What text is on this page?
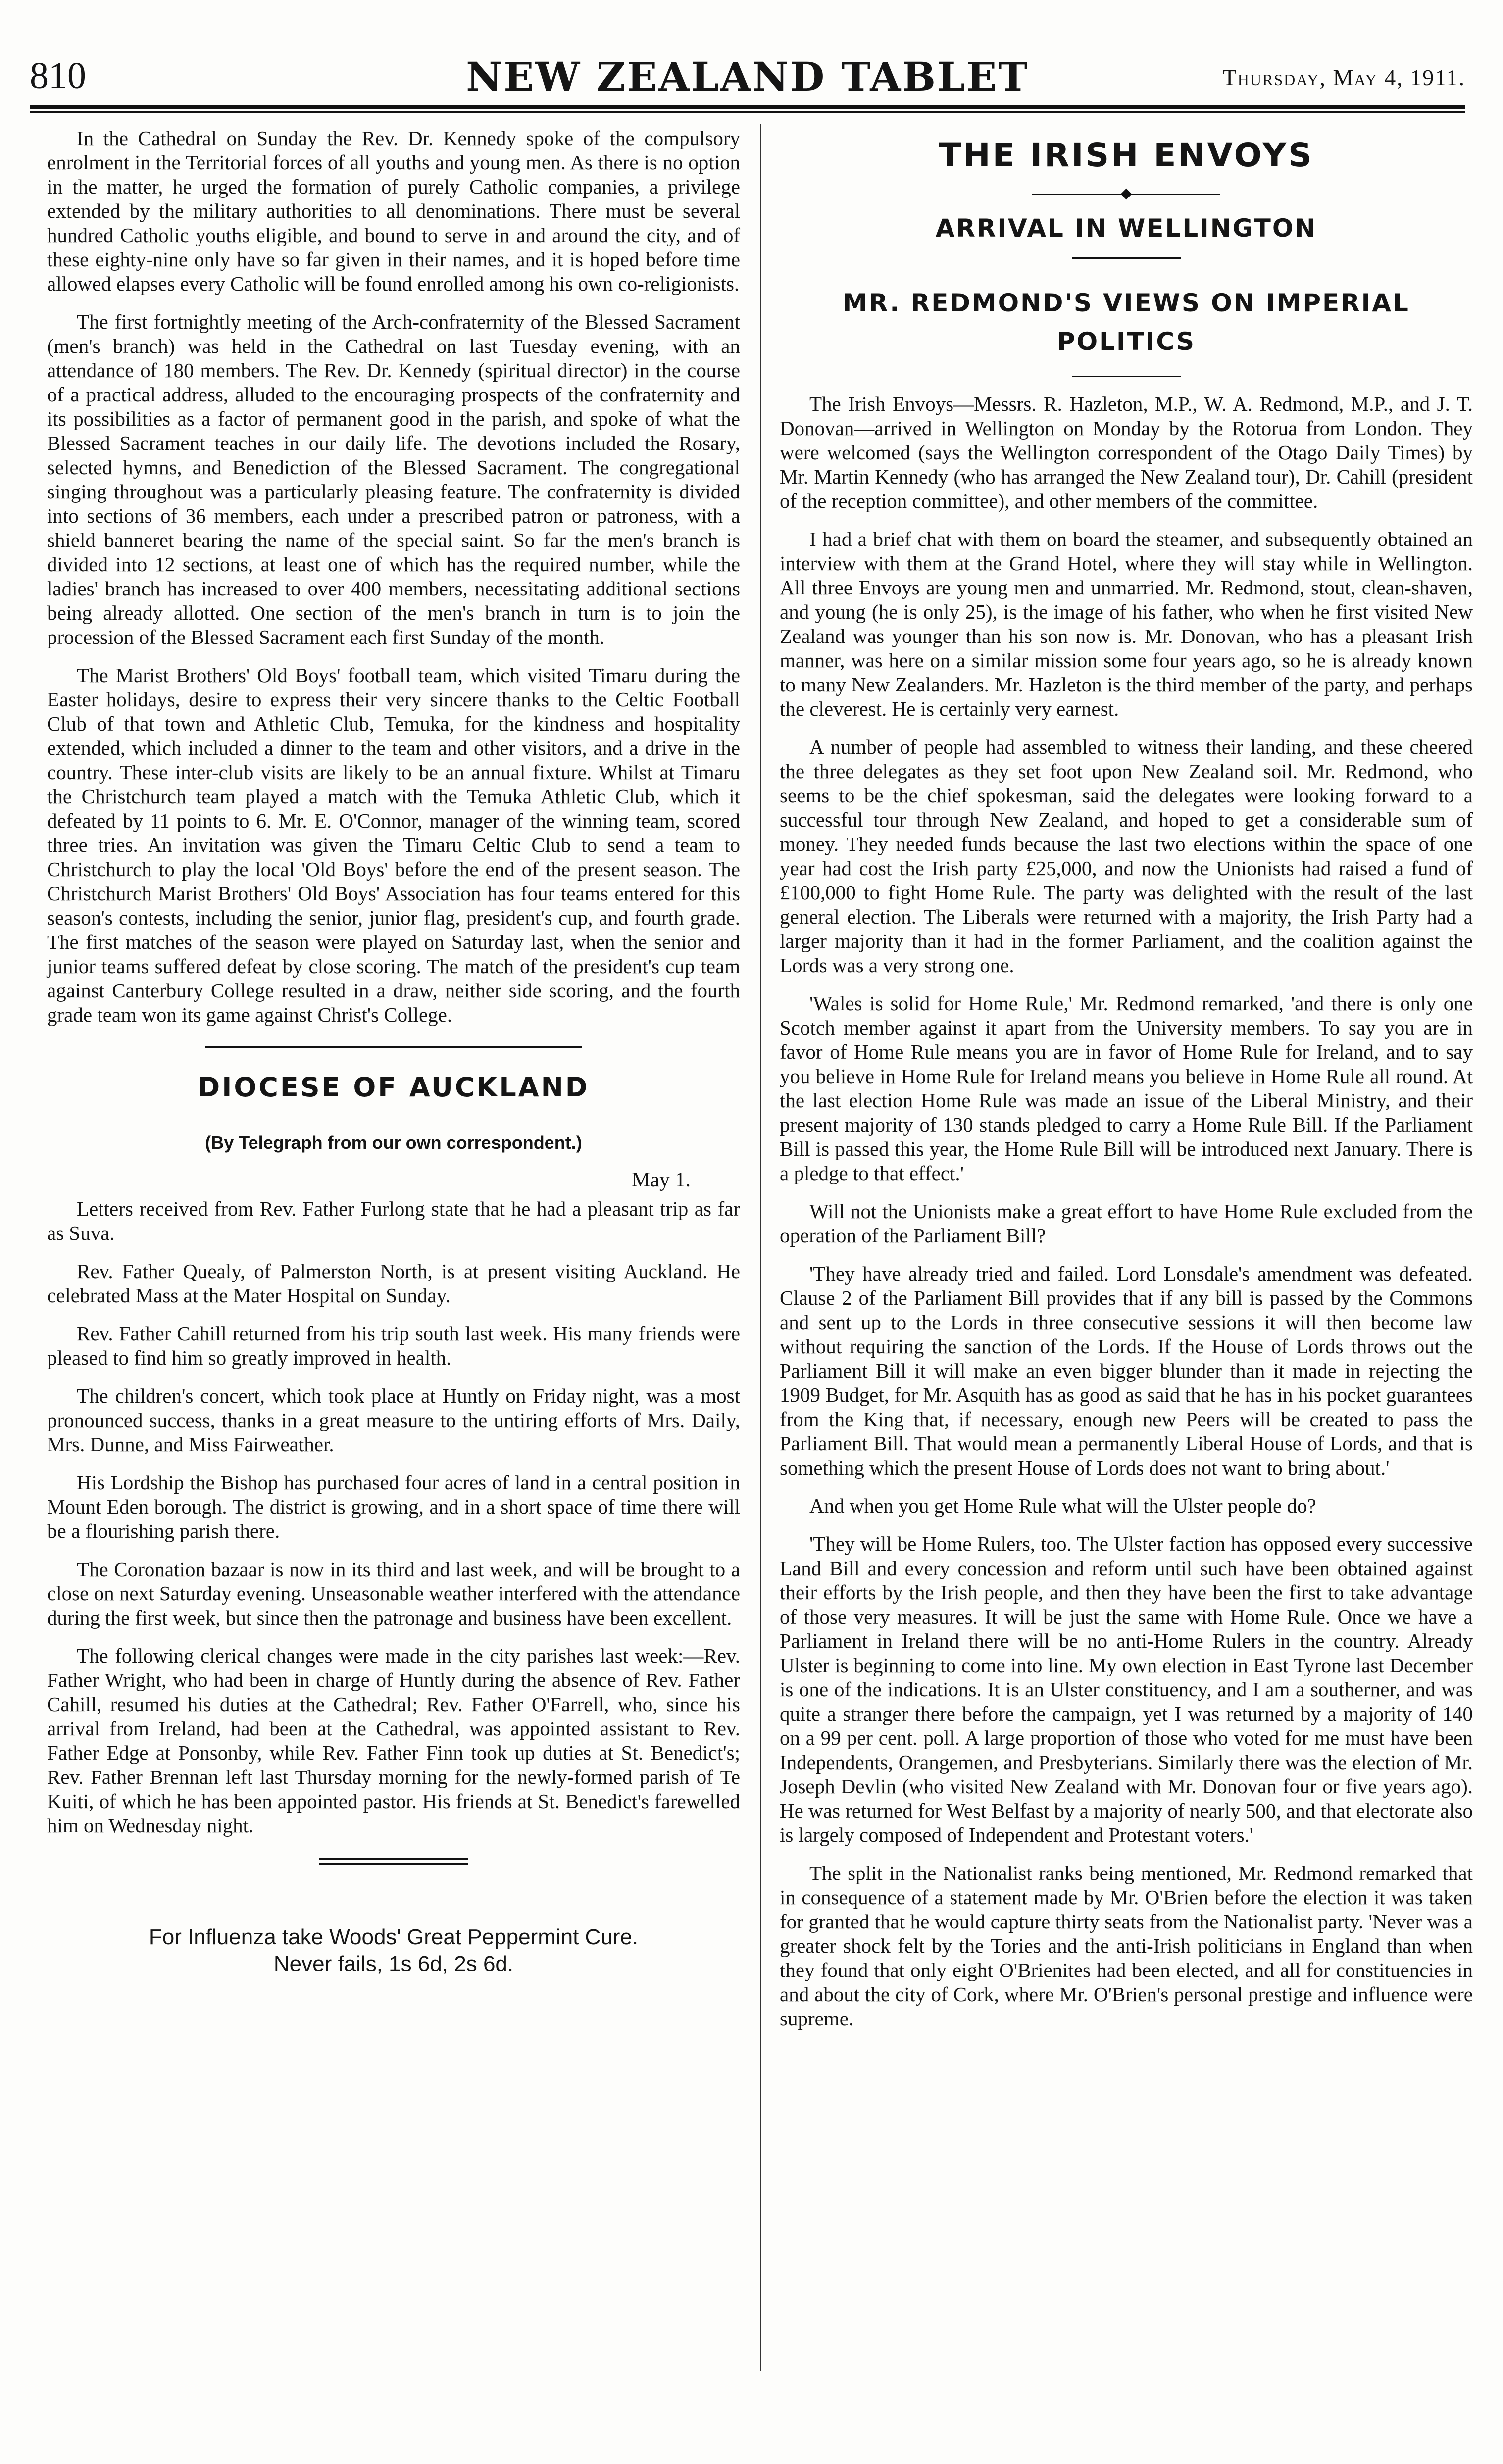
810	NEW ZEALAND TABLET	Thursday, May 4, 1911.

In the Cathedral on Sunday the Rev. Dr. Kennedy spoke of the compulsory enrolment in the Territorial forces of all youths and young men. As there is no option in the matter, he urged the formation of purely Catholic companies, a privilege extended by the military authorities to all denominations. There must be several hundred Catholic youths eligible, and bound to serve in and around the city, and of these eighty-nine only have so far given in their names, and it is hoped before time allowed elapses every Catholic will be found enrolled among his own co-religionists.

The first fortnightly meeting of the Arch-confraternity of the Blessed Sacrament (men's branch) was held in the Cathedral on last Tuesday evening, with an attendance of 180 members. The Rev. Dr. Kennedy (spiritual director) in the course of a practical address, alluded to the encouraging prospects of the confraternity and its possibilities as a factor of permanent good in the parish, and spoke of what the Blessed Sacrament teaches in our daily life. The devotions included the Rosary, selected hymns, and Benediction of the Blessed Sacrament. The congregational singing throughout was a particularly pleasing feature. The confraternity is divided into sections of 36 members, each under a prescribed patron or patroness, with a shield banneret bearing the name of the special saint. So far the men's branch is divided into 12 sections, at least one of which has the required number, while the ladies' branch has increased to over 400 members, necessitating additional sections being already allotted. One section of the men's branch in turn is to join the procession of the Blessed Sacrament each first Sunday of the month.

The Marist Brothers' Old Boys' football team, which visited Timaru during the Easter holidays, desire to express their very sincere thanks to the Celtic Football Club of that town and Athletic Club, Temuka, for the kindness and hospitality extended, which included a dinner to the team and other visitors, and a drive in the country. These inter-club visits are likely to be an annual fixture. Whilst at Timaru the Christchurch team played a match with the Temuka Athletic Club, which it defeated by 11 points to 6. Mr. E. O'Connor, manager of the winning team, scored three tries. An invitation was given the Timaru Celtic Club to send a team to Christchurch to play the local 'Old Boys' before the end of the present season. The Christchurch Marist Brothers' Old Boys' Association has four teams entered for this season's contests, including the senior, junior flag, president's cup, and fourth grade. The first matches of the season were played on Saturday last, when the senior and junior teams suffered defeat by close scoring. The match of the president's cup team against Canterbury College resulted in a draw, neither side scoring, and the fourth grade team won its game against Christ's College.

DIOCESE OF AUCKLAND
(By Telegraph from our own correspondent.)
May 1.

Letters received from Rev. Father Furlong state that he had a pleasant trip as far as Suva.

Rev. Father Quealy, of Palmerston North, is at present visiting Auckland. He celebrated Mass at the Mater Hospital on Sunday.

Rev. Father Cahill returned from his trip south last week. His many friends were pleased to find him so greatly improved in health.

The children's concert, which took place at Huntly on Friday night, was a most pronounced success, thanks in a great measure to the untiring efforts of Mrs. Daily, Mrs. Dunne, and Miss Fairweather.

His Lordship the Bishop has purchased four acres of land in a central position in Mount Eden borough. The district is growing, and in a short space of time there will be a flourishing parish there.

The Coronation bazaar is now in its third and last week, and will be brought to a close on next Saturday evening. Unseasonable weather interfered with the attendance during the first week, but since then the patronage and business have been excellent.

The following clerical changes were made in the city parishes last week:—Rev. Father Wright, who had been in charge of Huntly during the absence of Rev. Father Cahill, resumed his duties at the Cathedral; Rev. Father O'Farrell, who, since his arrival from Ireland, had been at the Cathedral, was appointed assistant to Rev. Father Edge at Ponsonby, while Rev. Father Finn took up duties at St. Benedict's; Rev. Father Brennan left last Thursday morning for the newly-formed parish of Te Kuiti, of which he has been appointed pastor. His friends at St. Benedict's farewelled him on Wednesday night.

For Influenza take Woods' Great Peppermint Cure.
Never fails, 1s 6d, 2s 6d.
THE IRISH ENVOYS
ARRIVAL IN WELLINGTON
MR. REDMOND'S VIEWS ON IMPERIAL POLITICS

The Irish Envoys—Messrs. R. Hazleton, M.P., W. A. Redmond, M.P., and J. T. Donovan—arrived in Wellington on Monday by the Rotorua from London. They were welcomed (says the Wellington correspondent of the Otago Daily Times) by Mr. Martin Kennedy (who has arranged the New Zealand tour), Dr. Cahill (president of the reception committee), and other members of the committee.

I had a brief chat with them on board the steamer, and subsequently obtained an interview with them at the Grand Hotel, where they will stay while in Wellington. All three Envoys are young men and unmarried. Mr. Redmond, stout, clean-shaven, and young (he is only 25), is the image of his father, who when he first visited New Zealand was younger than his son now is. Mr. Donovan, who has a pleasant Irish manner, was here on a similar mission some four years ago, so he is already known to many New Zealanders. Mr. Hazleton is the third member of the party, and perhaps the cleverest. He is certainly very earnest.

A number of people had assembled to witness their landing, and these cheered the three delegates as they set foot upon New Zealand soil. Mr. Redmond, who seems to be the chief spokesman, said the delegates were looking forward to a successful tour through New Zealand, and hoped to get a considerable sum of money. They needed funds because the last two elections within the space of one year had cost the Irish party £25,000, and now the Unionists had raised a fund of £100,000 to fight Home Rule. The party was delighted with the result of the last general election. The Liberals were returned with a majority, the Irish Party had a larger majority than it had in the former Parliament, and the coalition against the Lords was a very strong one.

'Wales is solid for Home Rule,' Mr. Redmond remarked, 'and there is only one Scotch member against it apart from the University members. To say you are in favor of Home Rule means you are in favor of Home Rule for Ireland, and to say you believe in Home Rule for Ireland means you believe in Home Rule all round. At the last election Home Rule was made an issue of the Liberal Ministry, and their present majority of 130 stands pledged to carry a Home Rule Bill. If the Parliament Bill is passed this year, the Home Rule Bill will be introduced next January. There is a pledge to that effect.'

Will not the Unionists make a great effort to have Home Rule excluded from the operation of the Parliament Bill?

'They have already tried and failed. Lord Lonsdale's amendment was defeated. Clause 2 of the Parliament Bill provides that if any bill is passed by the Commons and sent up to the Lords in three consecutive sessions it will then become law without requiring the sanction of the Lords. If the House of Lords throws out the Parliament Bill it will make an even bigger blunder than it made in rejecting the 1909 Budget, for Mr. Asquith has as good as said that he has in his pocket guarantees from the King that, if necessary, enough new Peers will be created to pass the Parliament Bill. That would mean a permanently Liberal House of Lords, and that is something which the present House of Lords does not want to bring about.'

And when you get Home Rule what will the Ulster people do?

'They will be Home Rulers, too. The Ulster faction has opposed every successive Land Bill and every concession and reform until such have been obtained against their efforts by the Irish people, and then they have been the first to take advantage of those very measures. It will be just the same with Home Rule. Once we have a Parliament in Ireland there will be no anti-Home Rulers in the country. Already Ulster is beginning to come into line. My own election in East Tyrone last December is one of the indications. It is an Ulster constituency, and I am a southerner, and was quite a stranger there before the campaign, yet I was returned by a majority of 140 on a 99 per cent. poll. A large proportion of those who voted for me must have been Independents, Orangemen, and Presbyterians. Similarly there was the election of Mr. Joseph Devlin (who visited New Zealand with Mr. Donovan four or five years ago). He was returned for West Belfast by a majority of nearly 500, and that electorate also is largely composed of Independent and Protestant voters.'

The split in the Nationalist ranks being mentioned, Mr. Redmond remarked that in consequence of a statement made by Mr. O'Brien before the election it was taken for granted that he would capture thirty seats from the Nationalist party. 'Never was a greater shock felt by the Tories and the anti-Irish politicians in England than when they found that only eight O'Brienites had been elected, and all for constituencies in and about the city of Cork, where Mr. O'Brien's personal prestige and influence were supreme.
